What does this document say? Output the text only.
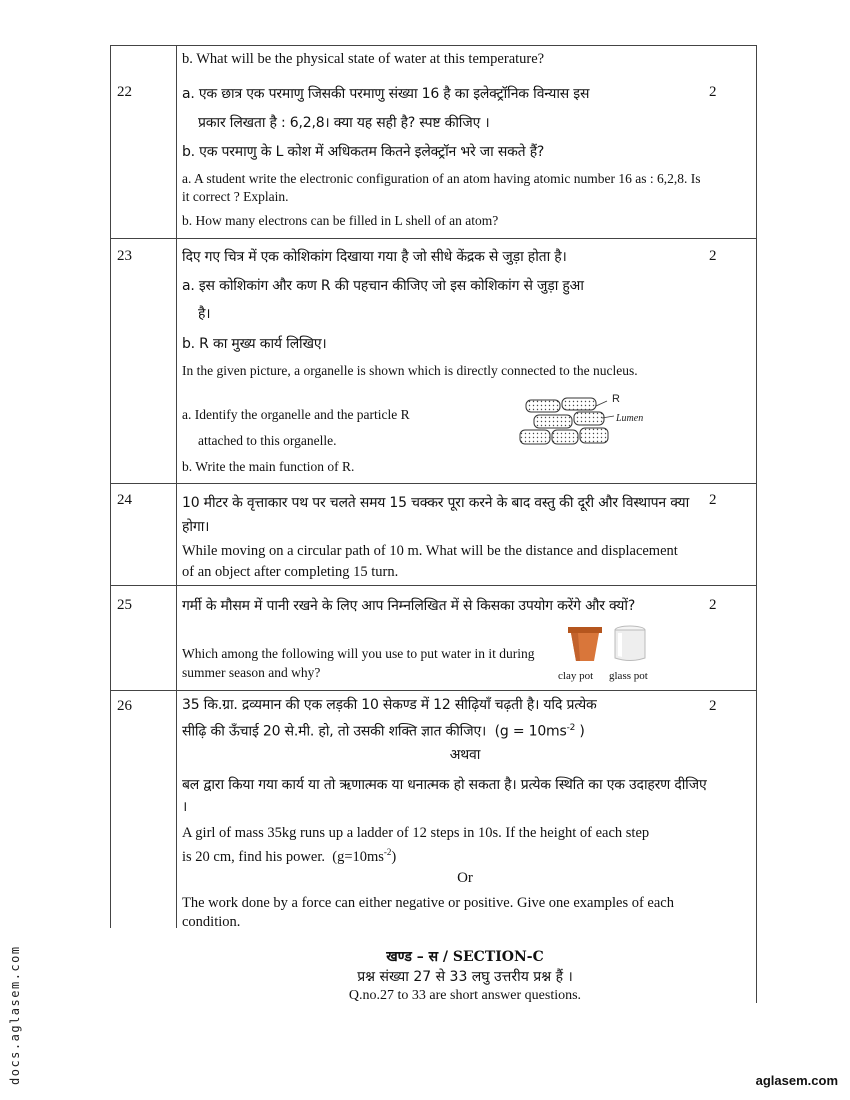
b. What will be the physical state of water at this temperature?
22	2
a. एक छात्र एक परमाणु जिसकी परमाणु संख्या 16 है का इलेक्ट्रॉनिक विन्यास इस
प्रकार लिखता है : 6,2,8। क्या यह सही है? स्पष्ट कीजिए ।
b. एक परमाणु के L कोश में अधिकतम कितने इलेक्ट्रॉन भरे जा सकते हैं?
a. A student write the electronic configuration of an atom having atomic number 16 as : 6,2,8. Is it correct ? Explain.
b. How many electrons can be filled in L shell of an atom?
23	2
दिए गए चित्र में एक कोशिकांग दिखाया गया है जो सीधे केंद्रक से जुड़ा होता है।
a. इस कोशिकांग और कण R की पहचान कीजिए जो इस कोशिकांग से जुड़ा हुआ
है।
b. R का मुख्य कार्य लिखिए।
In the given picture, a organelle is shown which is directly connected to the nucleus.
a. Identify the organelle and the particle R
attached to this organelle.
b. Write the main function of R.
R
Lumen
24	2
10 मीटर के वृत्ताकार पथ पर चलते समय 15 चक्कर पूरा करने के बाद वस्तु की दूरी और विस्थापन क्या होगा।
While moving on a circular path of 10 m. What will be the distance and displacement of an object after completing 15 turn.
25	2
गर्मी के मौसम में पानी रखने के लिए आप निम्नलिखित में से किसका उपयोग करेंगे और क्यों?
Which among the following will you use to put water in it during summer season and why?	clay pot glass pot
26	2
35 कि.ग्रा. द्रव्यमान की एक लड़की 10 सेकण्ड में 12 सीढ़ियाँ चढ़ती है। यदि प्रत्येक
सीढ़ि की ऊँचाई 20 से.मी. हो, तो उसकी शक्ति ज्ञात कीजिए। ($g = 10ms^{-2}$ )
अथवा
बल द्वारा किया गया कार्य या तो ऋणात्मक या धनात्मक हो सकता है। प्रत्येक स्थिति का एक उदाहरण दीजिए ।
A girl of mass 35kg runs up a ladder of 12 steps in 10s. If the height of each step
is 20 cm, find his power. $(g=10ms^{-2})$
Or
The work done by a force can either negative or positive. Give one examples of each condition.
खण्ड – स / SECTION-C
प्रश्न संख्या 27 से 33 लघु उत्तरीय प्रश्न हैं ।
Q.no.27 to 33 are short answer questions.
docs.aglasem.com	aglasem.com
